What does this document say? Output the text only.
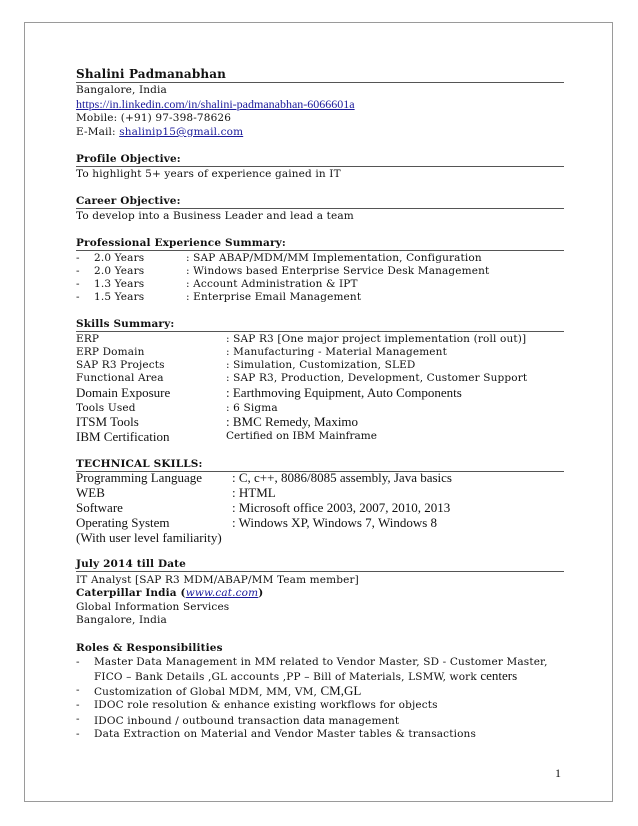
Shalini Padmanabhan
Bangalore, India
https://in.linkedin.com/in/shalini-padmanabhan-6066601a
Mobile: (+91) 97-398-78626
E-Mail: shalinip15@gmail.com
Profile Objective:
To highlight 5+ years of experience gained in IT
Career Objective:
To develop into a Business Leader and lead a team
Professional Experience Summary:
- 2.0 Years	: SAP ABAP/MDM/MM Implementation, Configuration
- 2.0 Years	: Windows based Enterprise Service Desk Management
- 1.3 Years	: Account Administration & IPT
- 1.5 Years	: Enterprise Email Management
Skills Summary:
ERP	: SAP R3 [One major project implementation (roll out)]
ERP Domain	: Manufacturing - Material Management
SAP R3 Projects	: Simulation, Customization, SLED
Functional Area	: SAP R3, Production, Development, Customer Support
Domain Exposure	: Earthmoving Equipment, Auto Components
Tools Used	: 6 Sigma
ITSM Tools	: BMC Remedy, Maximo
IBM Certification	Certified on IBM Mainframe
TECHNICAL SKILLS:
Programming Language : C, c++, 8086/8085 assembly, Java basics
WEB	: HTML
Software	: Microsoft office 2003, 2007, 2010, 2013
Operating System	: Windows XP, Windows 7, Windows 8
(With user level familiarity)
July 2014 till Date
IT Analyst [SAP R3 MDM/ABAP/MM Team member]
Caterpillar India (www.cat.com)
Global Information Services
Bangalore, India
Roles & Responsibilities
- Master Data Management in MM related to Vendor Master, SD - Customer Master,
FICO – Bank Details ,GL accounts ,PP – Bill of Materials, LSMW, work centers
- Customization of Global MDM, MM, VM, CM,GL
- IDOC role resolution & enhance existing workflows for objects
- IDOC inbound / outbound transaction data management
- Data Extraction on Material and Vendor Master tables & transactions
1
